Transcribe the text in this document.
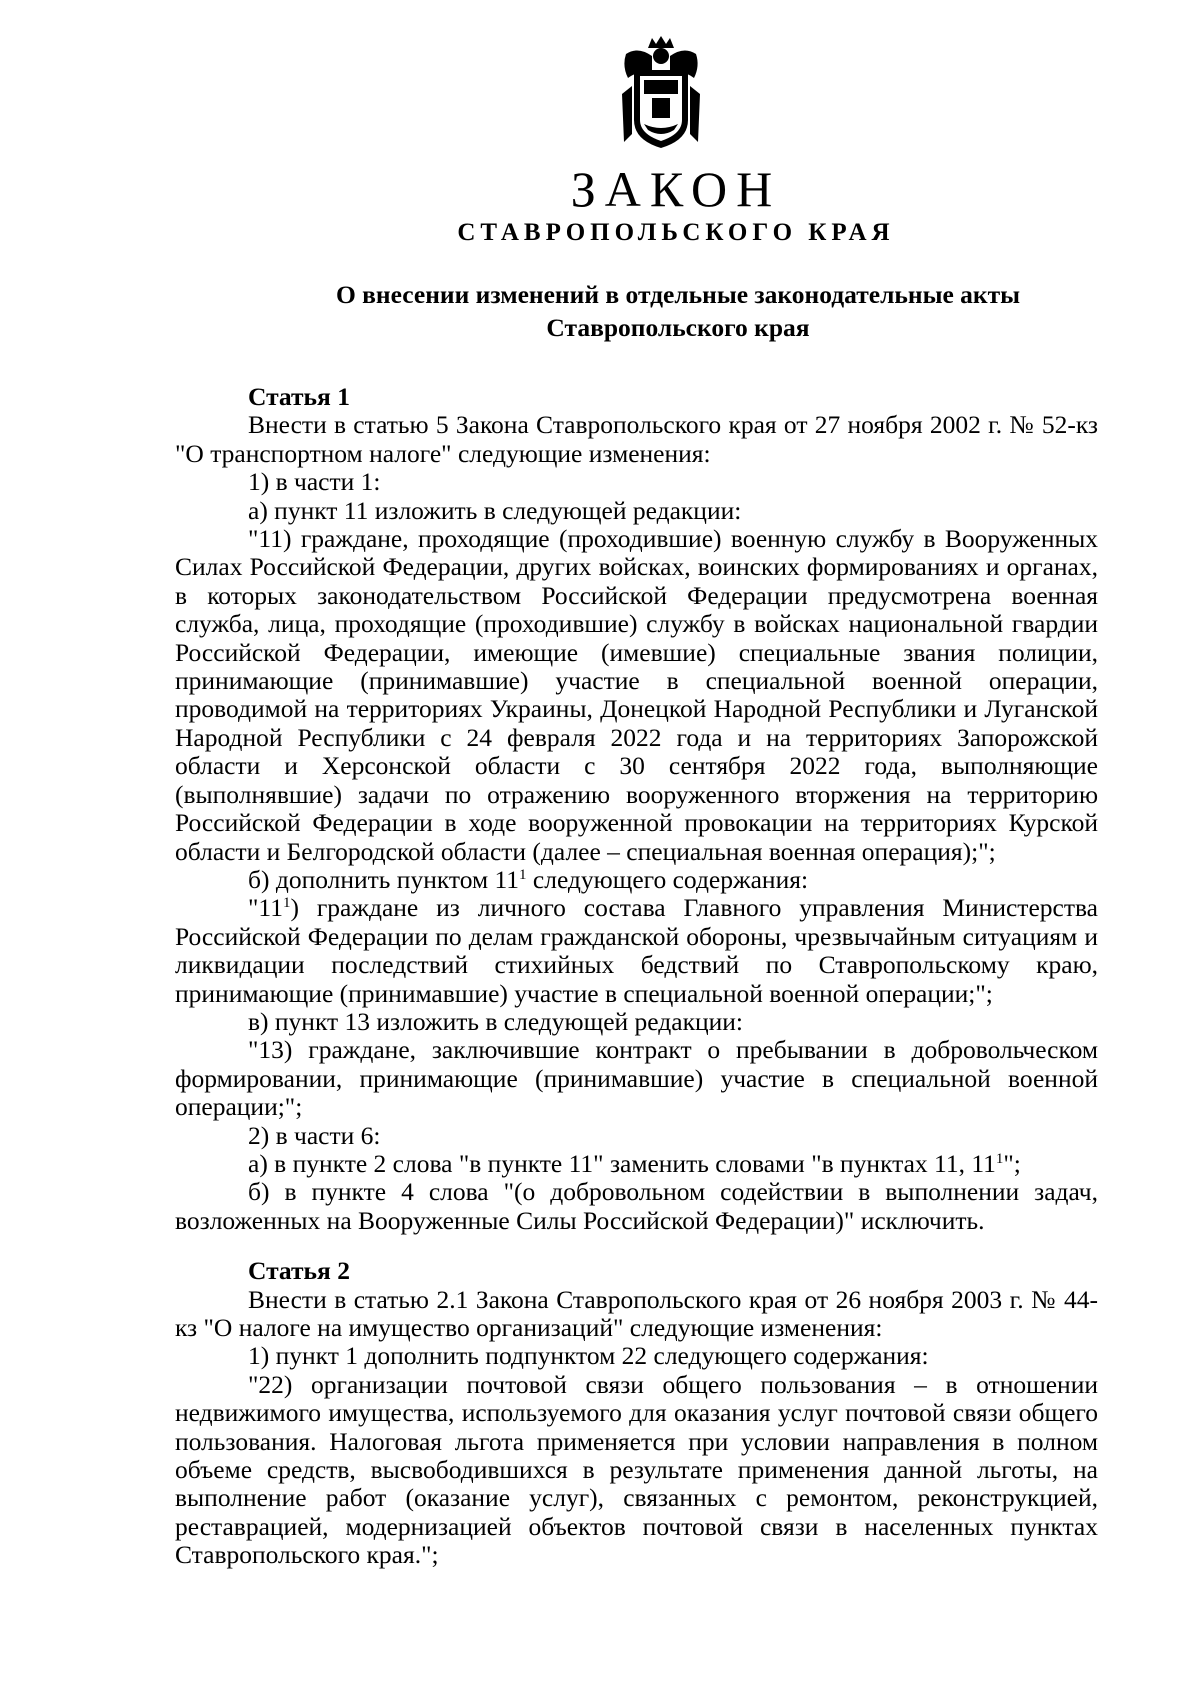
ЗАКОН
СТАВРОПОЛЬСКОГО КРАЯ
О внесении изменений в отдельные законодательные акты
Ставропольского края

Статья 1

Внести в статью 5 Закона Ставропольского края от 27 ноября 2002 г. № 52-кз "О транспортном налоге" следующие изменения:

1) в части 1:

а) пункт 11 изложить в следующей редакции:

"11) граждане, проходящие (проходившие) военную службу в Вооруженных Силах Российской Федерации, других войсках, воинских формированиях и органах, в которых законодательством Российской Федерации предусмотрена военная служба, лица, проходящие (проходившие) службу в войсках национальной гвардии Российской Федерации, имеющие (имевшие) специальные звания полиции, принимающие (принимавшие) участие в специальной военной операции, проводимой на территориях Украины, Донецкой Народной Республики и Луганской Народной Республики с 24 февраля 2022 года и на территориях Запорожской области и Херсонской области с 30 сентября 2022 года, выполняющие (выполнявшие) задачи по отражению вооруженного вторжения на территорию Российской Федерации в ходе вооруженной провокации на территориях Курской области и Белгородской области (далее – специальная военная операция);";

б) дополнить пунктом $11^1$ следующего содержания:

"$11^1$) граждане из личного состава Главного управления Министерства Российской Федерации по делам гражданской обороны, чрезвычайным ситуациям и ликвидации последствий стихийных бедствий по Ставропольскому краю, принимающие (принимавшие) участие в специальной военной операции;";

в) пункт 13 изложить в следующей редакции:

"13) граждане, заключившие контракт о пребывании в добровольческом формировании, принимающие (принимавшие) участие в специальной военной операции;";

2) в части 6:

а) в пункте 2 слова "в пункте 11" заменить словами "в пунктах 11, $11^1$";

б) в пункте 4 слова "(о добровольном содействии в выполнении задач, возложенных на Вооруженные Силы Российской Федерации)" исключить.

Статья 2

Внести в статью 2.1 Закона Ставропольского края от 26 ноября 2003 г. № 44-кз "О налоге на имущество организаций" следующие изменения:

1) пункт 1 дополнить подпунктом 22 следующего содержания:

"22) организации почтовой связи общего пользования – в отношении недвижимого имущества, используемого для оказания услуг почтовой связи общего пользования. Налоговая льгота применяется при условии направления в полном объеме средств, высвободившихся в результате применения данной льготы, на выполнение работ (оказание услуг), связанных с ремонтом, реконструкцией, реставрацией, модернизацией объектов почтовой связи в населенных пунктах Ставропольского края.";
